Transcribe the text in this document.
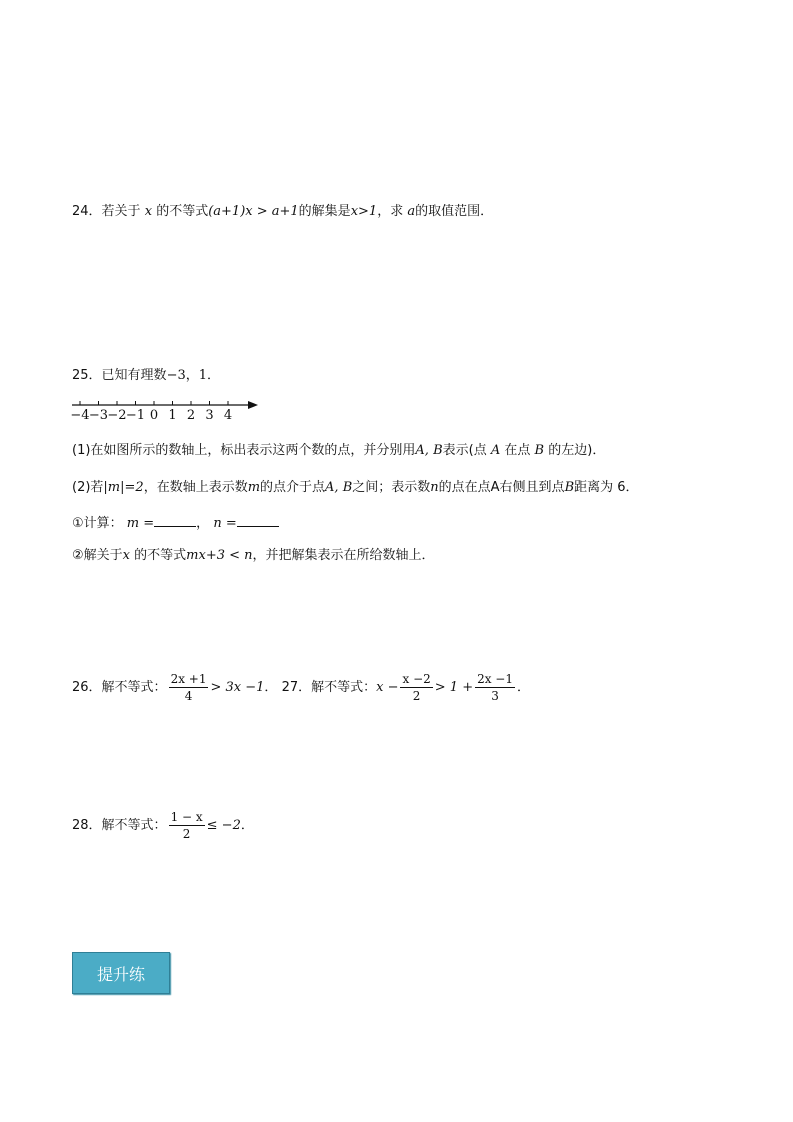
24．若关于 x 的不等式(a+1)x > a+1的解集是x>1，求 a的取值范围．
25．已知有理数−3，1．
−4 −3 −2 −1 0 1 2 3 4
(1)在如图所示的数轴上，标出表示这两个数的点，并分别用A, B表示(点 A 在点 B 的左边)．
(2)若|m|=2，在数轴上表示数m的点介于点A, B之间；表示数n的点在点A右侧且到点B距离为 6．
①计算： m =	， n =
②解关于x 的不等式mx+3 < n，并把解集表示在所给数轴上．
26．解不等式： $\frac{2x +1}{4} > 3x -1$． 27．解不等式：$x - \frac{x -2}{2} > 1 + \frac{2x -1}{3}$ ．
28．解不等式： $\frac{1 - x}{2} \le -2$．
提升练
